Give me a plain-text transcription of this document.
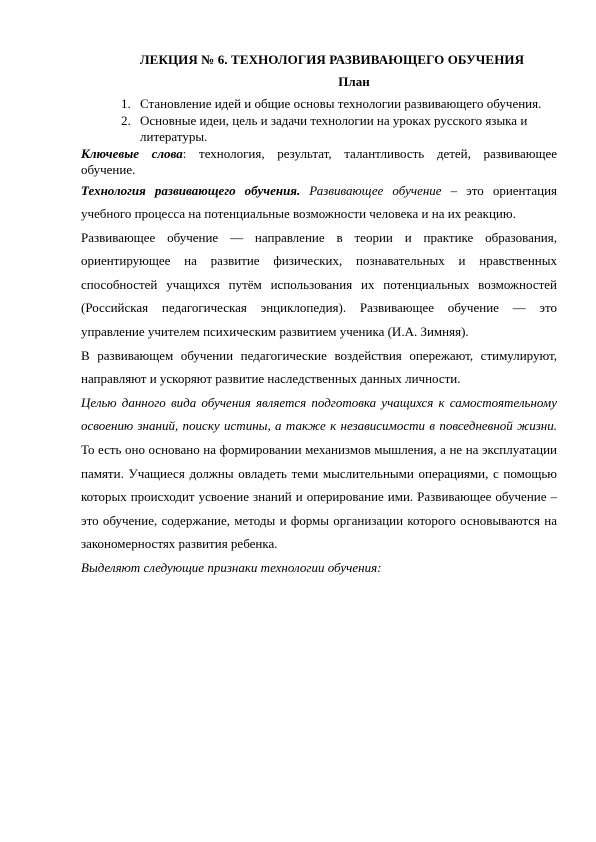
ЛЕКЦИЯ № 6. ТЕХНОЛОГИЯ РАЗВИВАЮЩЕГО ОБУЧЕНИЯ
План
1. Становление идей и общие основы технологии развивающего обучения.
2. Основные идеи, цель и задачи технологии на уроках русского языка и литературы.

Ключевые слова: технология, результат, талантливость детей, развивающее обучение.

Технология развивающего обучения. Развивающее обучение – это ориентация учебного процесса на потенциальные возможности человека и на их реакцию.

Развивающее обучение — направление в теории и практике образования, ориентирующее на развитие физических, познавательных и нравственных способностей учащихся путём использования их потенциальных возможностей (Российская педагогическая энциклопедия). Развивающее обучение — это управление учителем психическим развитием ученика (И.А. Зимняя).

В развивающем обучении педагогические воздействия опережают, стимулируют, направляют и ускоряют развитие наследственных данных личности.

Целью данного вида обучения является подготовка учащихся к самостоятельному освоению знаний, поиску истины, а также к независимости в повседневной жизни. То есть оно основано на формировании механизмов мышления, а не на эксплуатации памяти. Учащиеся должны овладеть теми мыслительными операциями, с помощью которых происходит усвоение знаний и оперирование ими. Развивающее обучение – это обучение, содержание, методы и формы организации которого основываются на закономерностях развития ребенка.

Выделяют следующие признаки технологии обучения:
